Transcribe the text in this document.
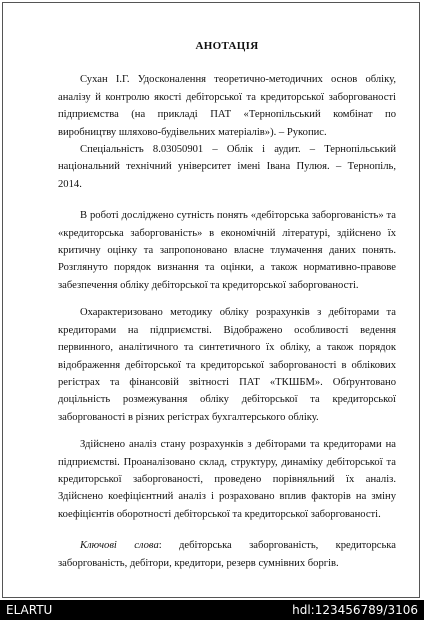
АНОТАЦІЯ

Сухан І.Г. Удосконалення теоретично-методичних основ обліку, аналізу й контролю якості дебіторської та кредиторської заборгованості підприємства (на прикладі ПАТ «Тернопільський комбінат по виробництву шляхово-будівельних матеріалів»). – Рукопис.

Спеціальність 8.03050901 – Облік і аудит. – Тернопільський національний технічний університет імені Івана Пулюя. – Тернопіль, 2014.

В роботі досліджено сутність понять «дебіторська заборгованість» та «кредиторська заборгованість» в економічній літературі, здійснено їх критичну оцінку та запропоновано власне тлумачення даних понять. Розглянуто порядок визнання та оцінки, а також нормативно-правове забезпечення обліку дебіторської та кредиторської заборгованості.

Охарактеризовано методику обліку розрахунків з дебіторами та кредиторами на підприємстві. Відображено особливості ведення первинного, аналітичного та синтетичного їх обліку, а також порядок відображення дебіторської та кредиторської заборгованості в облікових регістрах та фінансовій звітності ПАТ «ТКШБМ». Обґрунтовано доцільність розмежування обліку дебіторської та кредиторської заборгованості в різних регістрах бухгалтерського обліку.

Здійснено аналіз стану розрахунків з дебіторами та кредиторами на підприємстві. Проаналізовано склад, структуру, динаміку дебіторської та кредиторської заборгованості, проведено порівняльний їх аналіз. Здійснено коефіцієнтний аналіз і розраховано вплив факторів на зміну коефіцієнтів оборотності дебіторської та кредиторської заборгованості.

Ключові слова: дебіторська заборгованість, кредиторська заборгованість, дебітори, кредитори, резерв сумнівних боргів.

ELARTU	hdl:123456789/3106
